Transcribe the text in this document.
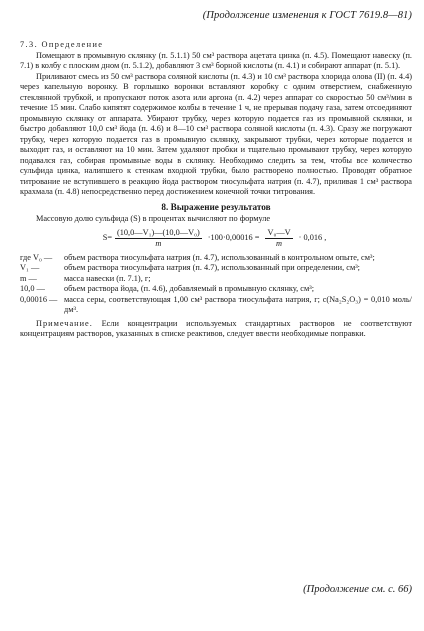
(Продолжение изменения к ГОСТ 7619.8—81)

7.3. Определение

Помещают в промывную склянку (п. 5.1.1) 50 см³ раствора ацетата цинка (п. 4.5). Помещают навеску (п. 7.1) в колбу с плоским дном (п. 5.1.2), добавляют 3 см³ борной кислоты (п. 4.1) и собирают аппарат (п. 5.1).

Приливают смесь из 50 см³ раствора соляной кислоты (п. 4.3) и 10 см³ раствора хлорида олова (II) (п. 4.4) через капельную воронку. В горлышко воронки вставляют коробку с одним отверстием, снабженную стеклянной трубкой, и пропускают поток азота или аргона (п. 4.2) через аппарат со скоростью 50 см³/мин в течение 15 мин. Слабо кипятят содержимое колбы в течение 1 ч, не прерывая подачу газа, затем отсоединяют промывную склянку от аппарата. Убирают трубку, через которую подается газ из промывной склянки, и быстро добавляют 10,0 см³ йода (п. 4.6) и 8—10 см³ раствора соляной кислоты (п. 4.3). Сразу же погружают трубку, через которую подается газ в промывную склянку, закрывают трубки, через которые подается и выходит газ, и оставляют на 10 мин. Затем удаляют пробки и тщательно промывают трубку, через которую подавался газ, собирая промывные воды в склянку. Необходимо следить за тем, чтобы все количество сульфида цинка, налипшего к стенкам входной трубки, было растворено полностью. Проводят обратное титрование не вступившего в реакцию йода раствором тиосульфата натрия (п. 4.7), приливая 1 см³ раствора крахмала (п. 4.8) непосредственно перед достижением конечной точки титрования.

8. Выражение результатов

Массовую долю сульфида (S) в процентах вычисляют по формуле

$S= \frac{\text{(10,0—V₁)—(10,0—V₀)}}{m} \cdot 100\cdot 0,00016 = \frac{\text{V₀—V}}{m} \cdot 0,016$ ,
где V₀ —	объем раствора тиосульфата натрия (п. 4.7), использованный в контрольном опыте, см³;
V₁ —	объем раствора тиосульфата натрия (п. 4.7), использованный при определении, см³;
m —	масса навески (п. 7.1), г;
10,0 —	объем раствора йода, (п. 4.6), добавляемый в промывную склянку, см³;
0,00016 — масса серы, соответствующая 1,00 см³ раствора тиосульфата натрия, г; c(Na₂S₂O₃) = 0,010 моль/дм³.

Примечание. Если концентрации используемых стандартных растворов не соответствуют концентрациям растворов, указанных в списке реактивов, следует ввести необходимые поправки.

(Продолжение см. с. 66)
